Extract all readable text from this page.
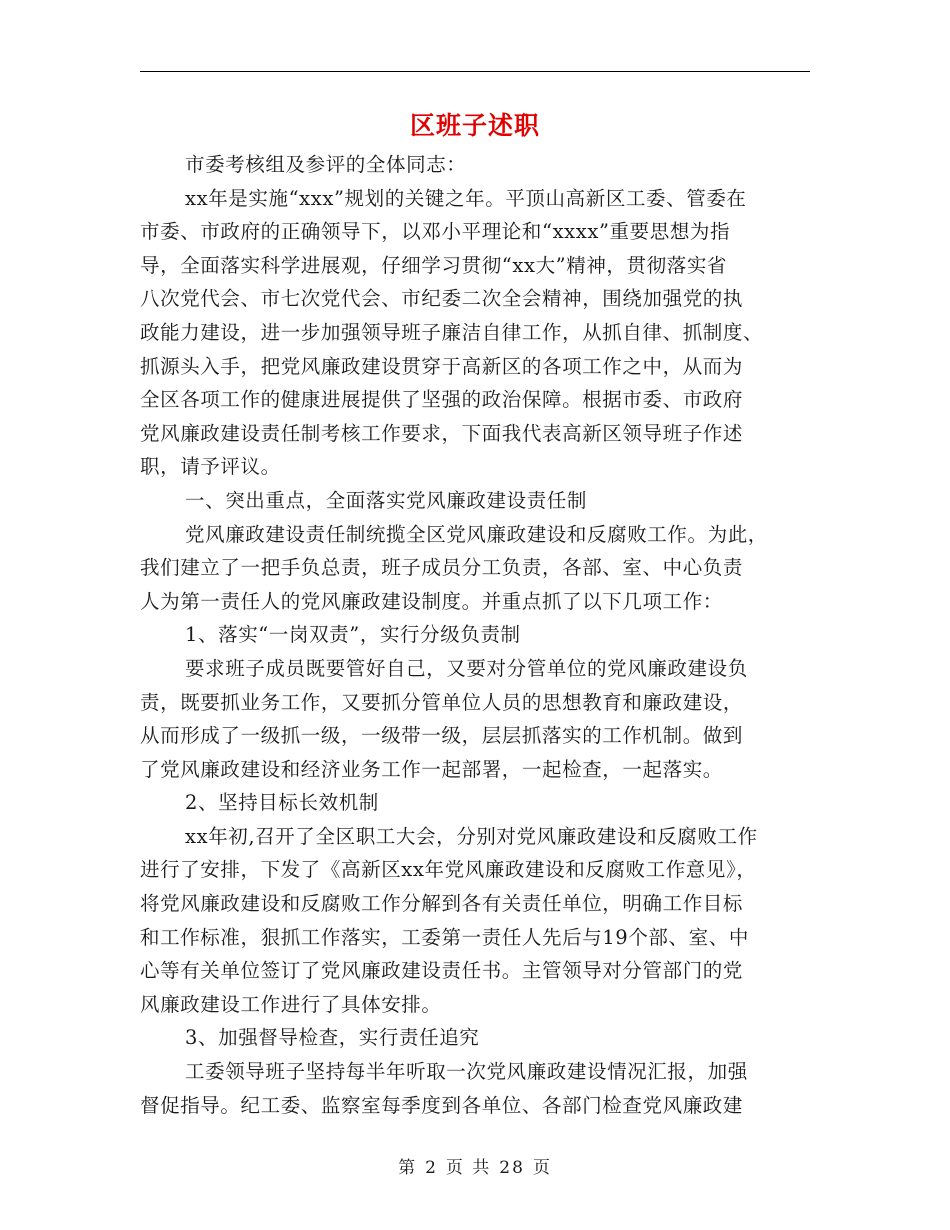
区班子述职
市委考核组及参评的全体同志：
xx年是实施“xxx”规划的关键之年。平顶山高新区工委、管委在
市委、市政府的正确领导下，以邓小平理论和“xxxx”重要思想为指
导，全面落实科学进展观，仔细学习贯彻“xx大”精神，贯彻落实省
八次党代会、市七次党代会、市纪委二次全会精神，围绕加强党的执
政能力建设，进一步加强领导班子廉洁自律工作，从抓自律、抓制度、
抓源头入手，把党风廉政建设贯穿于高新区的各项工作之中，从而为
全区各项工作的健康进展提供了坚强的政治保障。根据市委、市政府
党风廉政建设责任制考核工作要求，下面我代表高新区领导班子作述
职，请予评议。
一、突出重点，全面落实党风廉政建设责任制
党风廉政建设责任制统揽全区党风廉政建设和反腐败工作。为此，
我们建立了一把手负总责，班子成员分工负责，各部、室、中心负责
人为第一责任人的党风廉政建设制度。并重点抓了以下几项工作：
1、落实“一岗双责”，实行分级负责制
要求班子成员既要管好自己，又要对分管单位的党风廉政建设负
责，既要抓业务工作，又要抓分管单位人员的思想教育和廉政建设，
从而形成了一级抓一级，一级带一级，层层抓落实的工作机制。做到
了党风廉政建设和经济业务工作一起部署，一起检查，一起落实。
2、坚持目标长效机制
xx年初,召开了全区职工大会，分别对党风廉政建设和反腐败工作
进行了安排，下发了《高新区xx年党风廉政建设和反腐败工作意见》，
将党风廉政建设和反腐败工作分解到各有关责任单位，明确工作目标
和工作标准，狠抓工作落实，工委第一责任人先后与19个部、室、中
心等有关单位签订了党风廉政建设责任书。主管领导对分管部门的党
风廉政建设工作进行了具体安排。
3、加强督导检查，实行责任追究
工委领导班子坚持每半年听取一次党风廉政建设情况汇报，加强
督促指导。纪工委、监察室每季度到各单位、各部门检查党风廉政建
第 2 页 共 28 页
